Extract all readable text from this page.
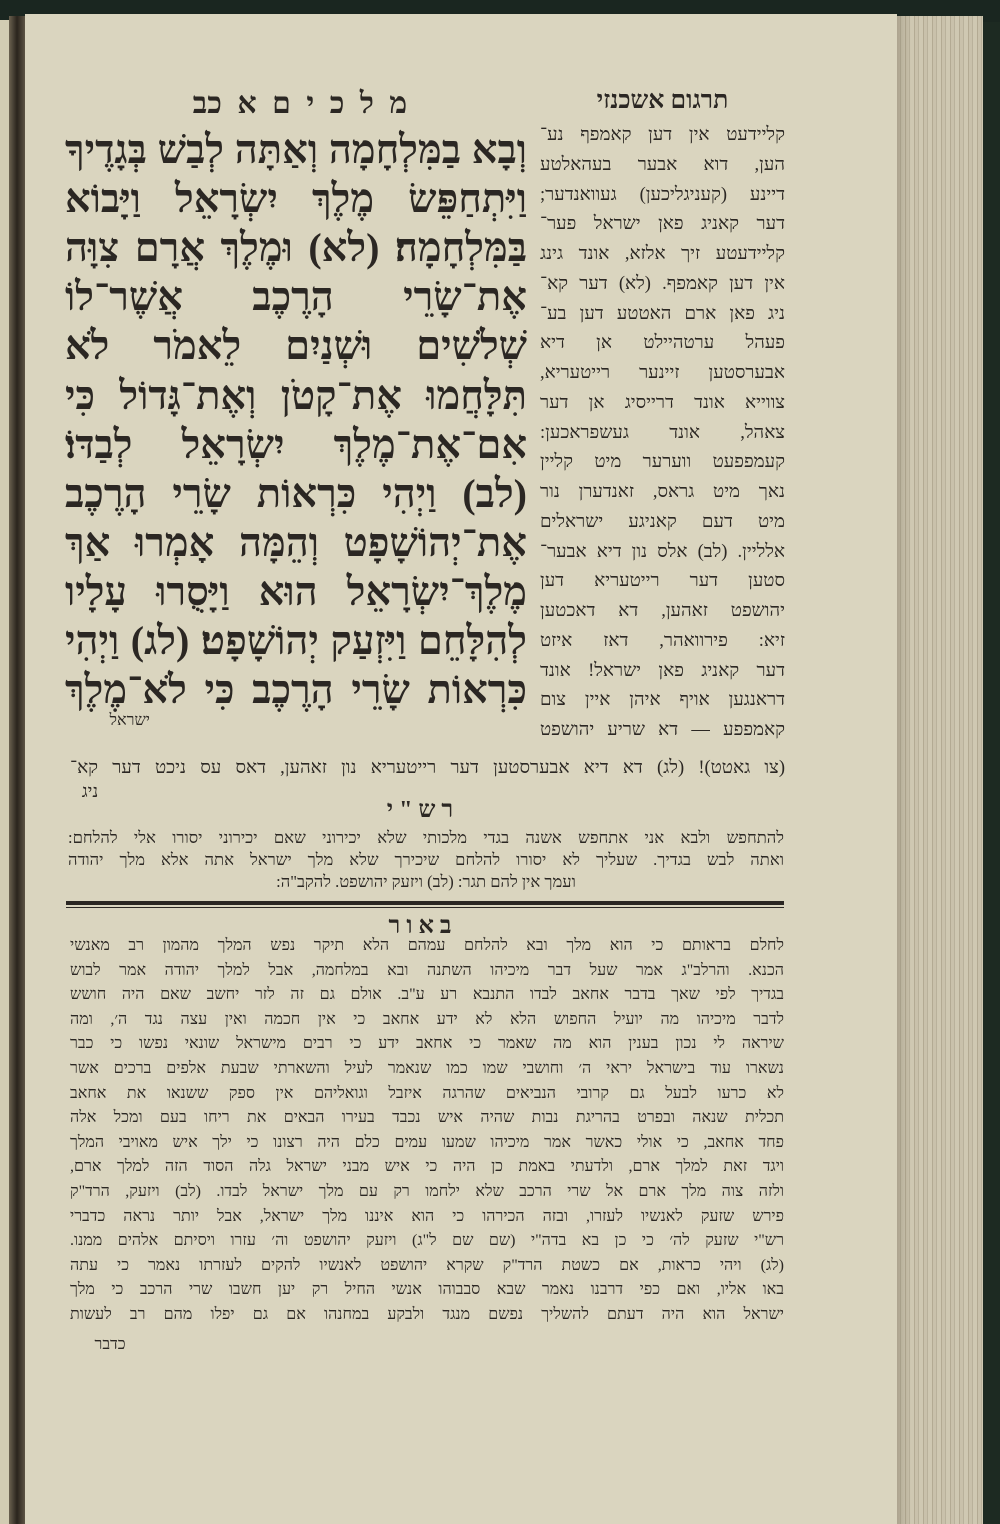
מ ל כ י ם א כב
וְבָא בַמִּלְחָמָה וְאַתָּה לְבַשׁ בְּגָדֶיךָ
וַיִּתְחַפֵּשׂ מֶלֶךְ יִשְׂרָאֵל וַיָּבוֹא
בַּמִּלְחָמָה׃ (לא) וּמֶלֶךְ אֲרָם צִוָּה
אֶת־שָׂרֵי הָרֶכֶב אֲשֶׁר־לוֹ
שְׁלֹשִׁים וּשְׁנַיִם לֵאמֹר לֹא
תִּלָּחֲמוּ אֶת־קָטֹן וְאֶת־גָּדוֹל כִּי
אִם־אֶת־מֶלֶךְ יִשְׂרָאֵל לְבַדּוֹ׃
(לב) וַיְהִי כִּרְאוֹת שָׂרֵי הָרֶכֶב
אֶת־יְהוֹשָׁפָט וְהֵמָּה אָמְרוּ אַךְ
מֶלֶךְ־יִשְׂרָאֵל הוּא וַיָּסֻרוּ עָלָיו
לְהִלָּחֵם וַיִּזְעַק יְהוֹשָׁפָט׃ (לג) וַיְהִי
כִּרְאוֹת שָׂרֵי הָרֶכֶב כִּי לֹא־מֶלֶךְ
ישראל
תרגום אשכנזי
קליידעט אין דען קאמפף נע־
הען, דוא אבער בעהאלטע
דיינע (קעניגליכען) געוואנדער;
דער קאניג פאן ישראל פער־
קליידעטע זיך אלזא, אונד גינג
אין דען קאמפף. (לא) דער קא־
ניג פאן ארם האטטע דען בע־
פעהל ערטהיילט אן דיא
אבערסטען זיינער רייטעריא,
צווייא אונד דרייסיג אן דער
צאהל, אונד געשפראכען:
קעמפפעט ווערער מיט קליין
נאך מיט גראס, זאנדערן נור
מיט דעם קאניגע ישראלים
אלליין. (לב) אלס נון דיא אבער־
סטען דער רייטעריא דען
יהושפט זאהען, דא דאכטען
זיא: פירוואהר, דאז איזט
דער קאניג פאן ישראל! אונד
דראנגען אויף איהן איין צום
קאמפפע — דא שריע יהושפט
(צו גאטט)! (לג) דא דיא אבערסטען דער רייטעריא נון זאהען, דאס עס ניכט דער קא־
ניג
ר ש " י
להתחפש ולבא אני אתחפש אשנה בגדי מלכותי שלא יכירוני שאם יכירוני יסורו אלי להלחם:
ואתה לבש בגדיך. שעליך לא יסורו להלחם שיכירך שלא מלך ישראל אתה אלא מלך יהודה
ועמך אין להם תגר: (לב) ויזעק יהושפט. להקב"ה:
ב א ו ר
לחלם בראותם כי הוא מלך ובא להלחם עמהם הלא תיקר נפש המלך מהמון רב מאנשי
הכנא. והרלב"ג אמר שעל דבר מיכיהו השתנה ובא במלחמה, אבל למלך יהודה אמר לבוש
בגדיך לפי שאך בדבר אחאב לבדו התנבא רע ע"ב. אולם גם זה לזר יחשב שאם היה חושש
לדבר מיכיהו מה יועיל החפוש הלא לא ידע אחאב כי אין חכמה ואין עצה נגד ה׳, ומה
שיראה לי נכון בענין הוא מה שאמר כי אחאב ידע כי רבים מישראל שונאי נפשו כי כבר
נשארו עוד בישראל יראי ה׳ וחושבי שמו כמו שנאמר לעיל והשארתי שבעת אלפים ברכים אשר
לא כרעו לבעל גם קרובי הנביאים שהרגה איזבל וגואליהם אין ספק ששנאו את אחאב
תכלית שנאה ובפרט בהריגת נבות שהיה איש נכבד בעירו הבאים את ריחו בעם ומכל אלה
פחד אחאב, כי אולי כאשר אמר מיכיהו שמעו עמים כלם היה רצונו כי ילך איש מאויבי המלך
ויגד זאת למלך ארם, ולדעתי באמת כן היה כי איש מבני ישראל גלה הסוד הזה למלך ארם,
ולזה צוה מלך ארם אל שרי הרכב שלא ילחמו רק עם מלך ישראל לבדו. (לב) ויזעק, הרד"ק
פירש שזעק לאנשיו לעזרו, ובזה הכירהו כי הוא איננו מלך ישראל, אבל יותר נראה כדברי
רש"י שזעק לה׳ כי כן בא בדה"י (שם שם ל"ג) ויזעק יהושפט וה׳ עזרו ויסיתם אלהים ממנו.
(לג) ויהי כראות, אם כשטת הרד"ק שקרא יהושפט לאנשיו להקים לעזרתו נאמר כי עתה
באו אליו, ואם כפי דרבנו נאמר שבא סבבוהו אנשי החיל רק יען חשבו שרי הרכב כי מלך
ישראל הוא היה דעתם להשליך נפשם מנגד ולבקע במחנהו אם גם יפלו מהם רב לעשות
כדבר
